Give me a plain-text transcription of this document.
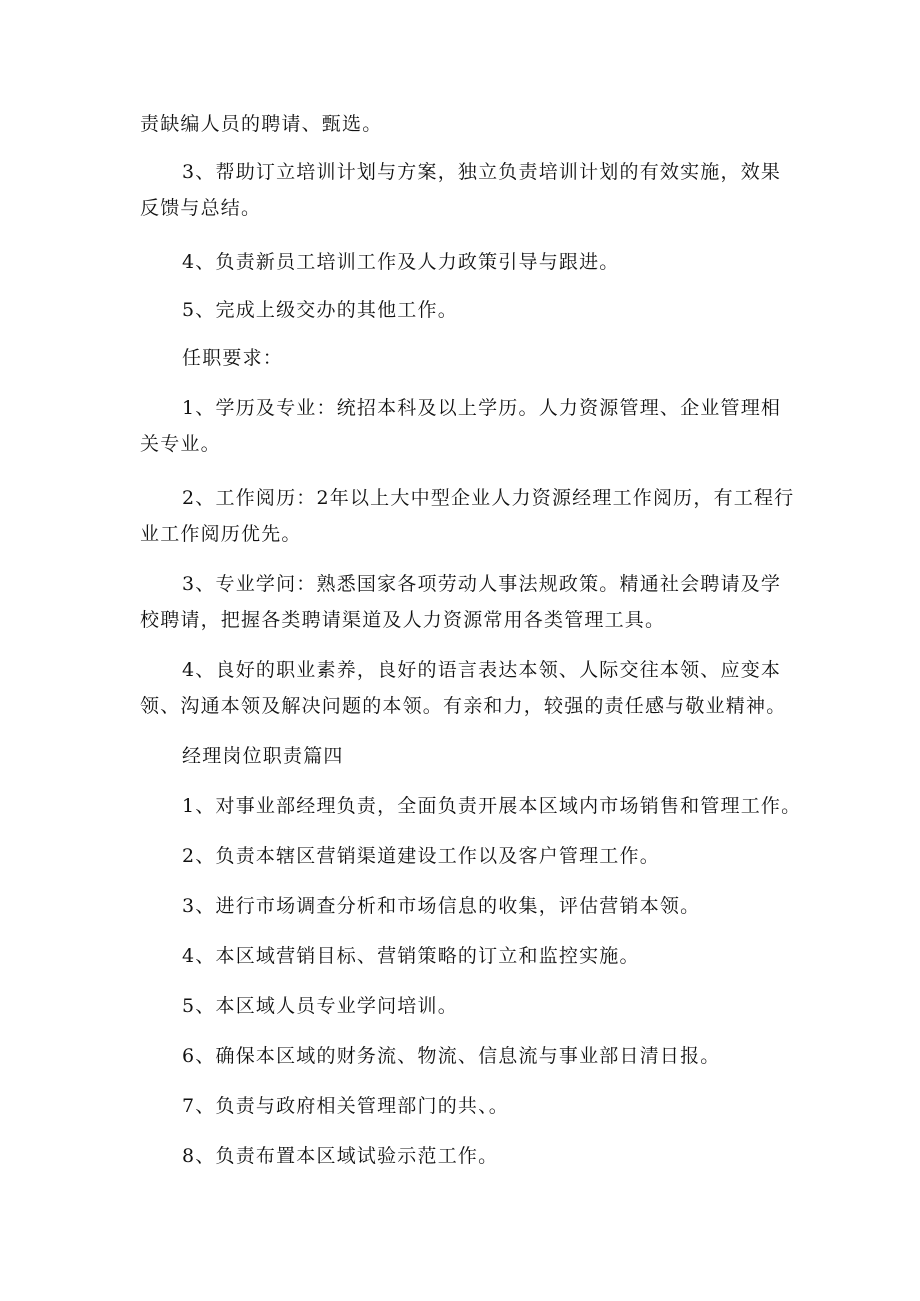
责缺编人员的聘请、甄选。

3、帮助订立培训计划与方案，独立负责培训计划的有效实施，效果
反馈与总结。

4、负责新员工培训工作及人力政策引导与跟进。

5、完成上级交办的其他工作。

任职要求：

1、学历及专业：统招本科及以上学历。人力资源管理、企业管理相
关专业。

2、工作阅历：2年以上大中型企业人力资源经理工作阅历，有工程行
业工作阅历优先。

3、专业学问：熟悉国家各项劳动人事法规政策。精通社会聘请及学
校聘请，把握各类聘请渠道及人力资源常用各类管理工具。

4、良好的职业素养，良好的语言表达本领、人际交往本领、应变本
领、沟通本领及解决问题的本领。有亲和力，较强的责任感与敬业精神。

经理岗位职责篇四

1、对事业部经理负责，全面负责开展本区域内市场销售和管理工作。

2、负责本辖区营销渠道建设工作以及客户管理工作。

3、进行市场调查分析和市场信息的收集，评估营销本领。

4、本区域营销目标、营销策略的订立和监控实施。

5、本区域人员专业学问培训。

6、确保本区域的财务流、物流、信息流与事业部日清日报。

7、负责与政府相关管理部门的共、。

8、负责布置本区域试验示范工作。
